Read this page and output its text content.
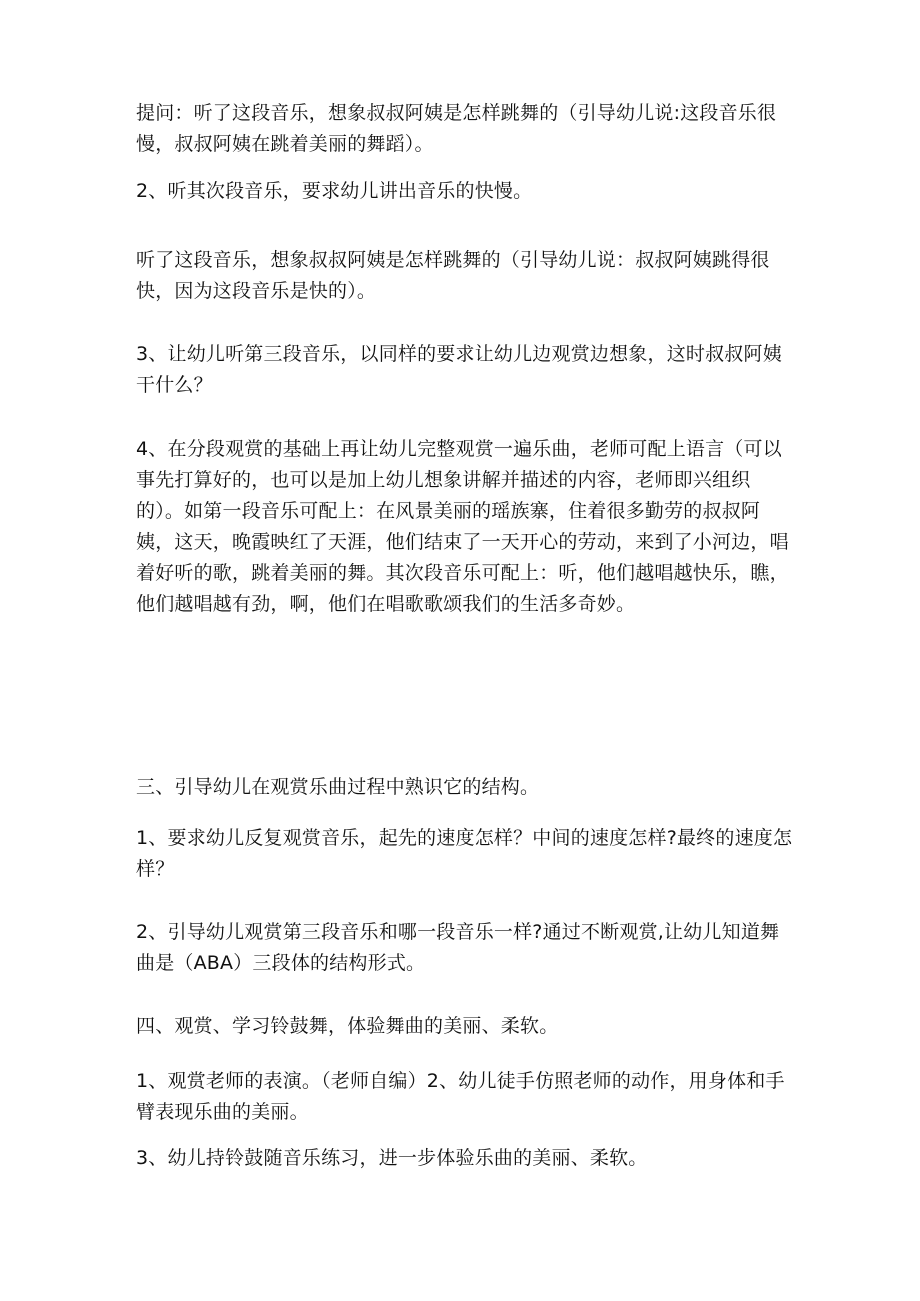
提问：听了这段音乐，想象叔叔阿姨是怎样跳舞的（引导幼儿说:这段音乐很慢，叔叔阿姨在跳着美丽的舞蹈）。

2、听其次段音乐，要求幼儿讲出音乐的快慢。

听了这段音乐，想象叔叔阿姨是怎样跳舞的（引导幼儿说：叔叔阿姨跳得很快，因为这段音乐是快的）。

3、让幼儿听第三段音乐，以同样的要求让幼儿边观赏边想象，这时叔叔阿姨干什么？

4、在分段观赏的基础上再让幼儿完整观赏一遍乐曲，老师可配上语言（可以事先打算好的，也可以是加上幼儿想象讲解并描述的内容，老师即兴组织的）。如第一段音乐可配上：在风景美丽的瑶族寨，住着很多勤劳的叔叔阿姨，这天，晚霞映红了天涯，他们结束了一天开心的劳动，来到了小河边，唱着好听的歌，跳着美丽的舞。其次段音乐可配上：听，他们越唱越快乐，瞧，他们越唱越有劲，啊，他们在唱歌歌颂我们的生活多奇妙。

三、引导幼儿在观赏乐曲过程中熟识它的结构。

1、要求幼儿反复观赏音乐，起先的速度怎样？中间的速度怎样?最终的速度怎样？

2、引导幼儿观赏第三段音乐和哪一段音乐一样?通过不断观赏,让幼儿知道舞曲是（ABA）三段体的结构形式。

四、观赏、学习铃鼓舞，体验舞曲的美丽、柔软。

1、观赏老师的表演。（老师自编）2、幼儿徒手仿照老师的动作，用身体和手臂表现乐曲的美丽。

3、幼儿持铃鼓随音乐练习，进一步体验乐曲的美丽、柔软。
